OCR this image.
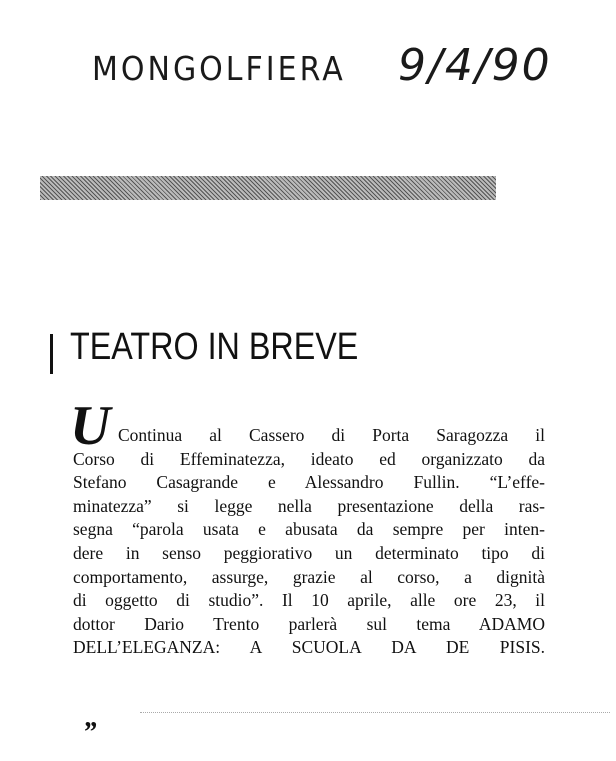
MONGOLFIERA 9/4/90
TEATRO IN BREVE
U Continua al Cassero di Porta Saragozza il
Corso di Effeminatezza, ideato ed organizzato da
Stefano Casagrande e Alessandro Fullin. “L’effe-
minatezza” si legge nella presentazione della ras-
segna “parola usata e abusata da sempre per inten-
dere in senso peggiorativo un determinato tipo di
comportamento, assurge, grazie al corso, a dignità
di oggetto di studio”. Il 10 aprile, alle ore 23, il
dottor Dario Trento parlerà sul tema ADAMO
DELL’ELEGANZA: A SCUOLA DA DE PISIS.
„
